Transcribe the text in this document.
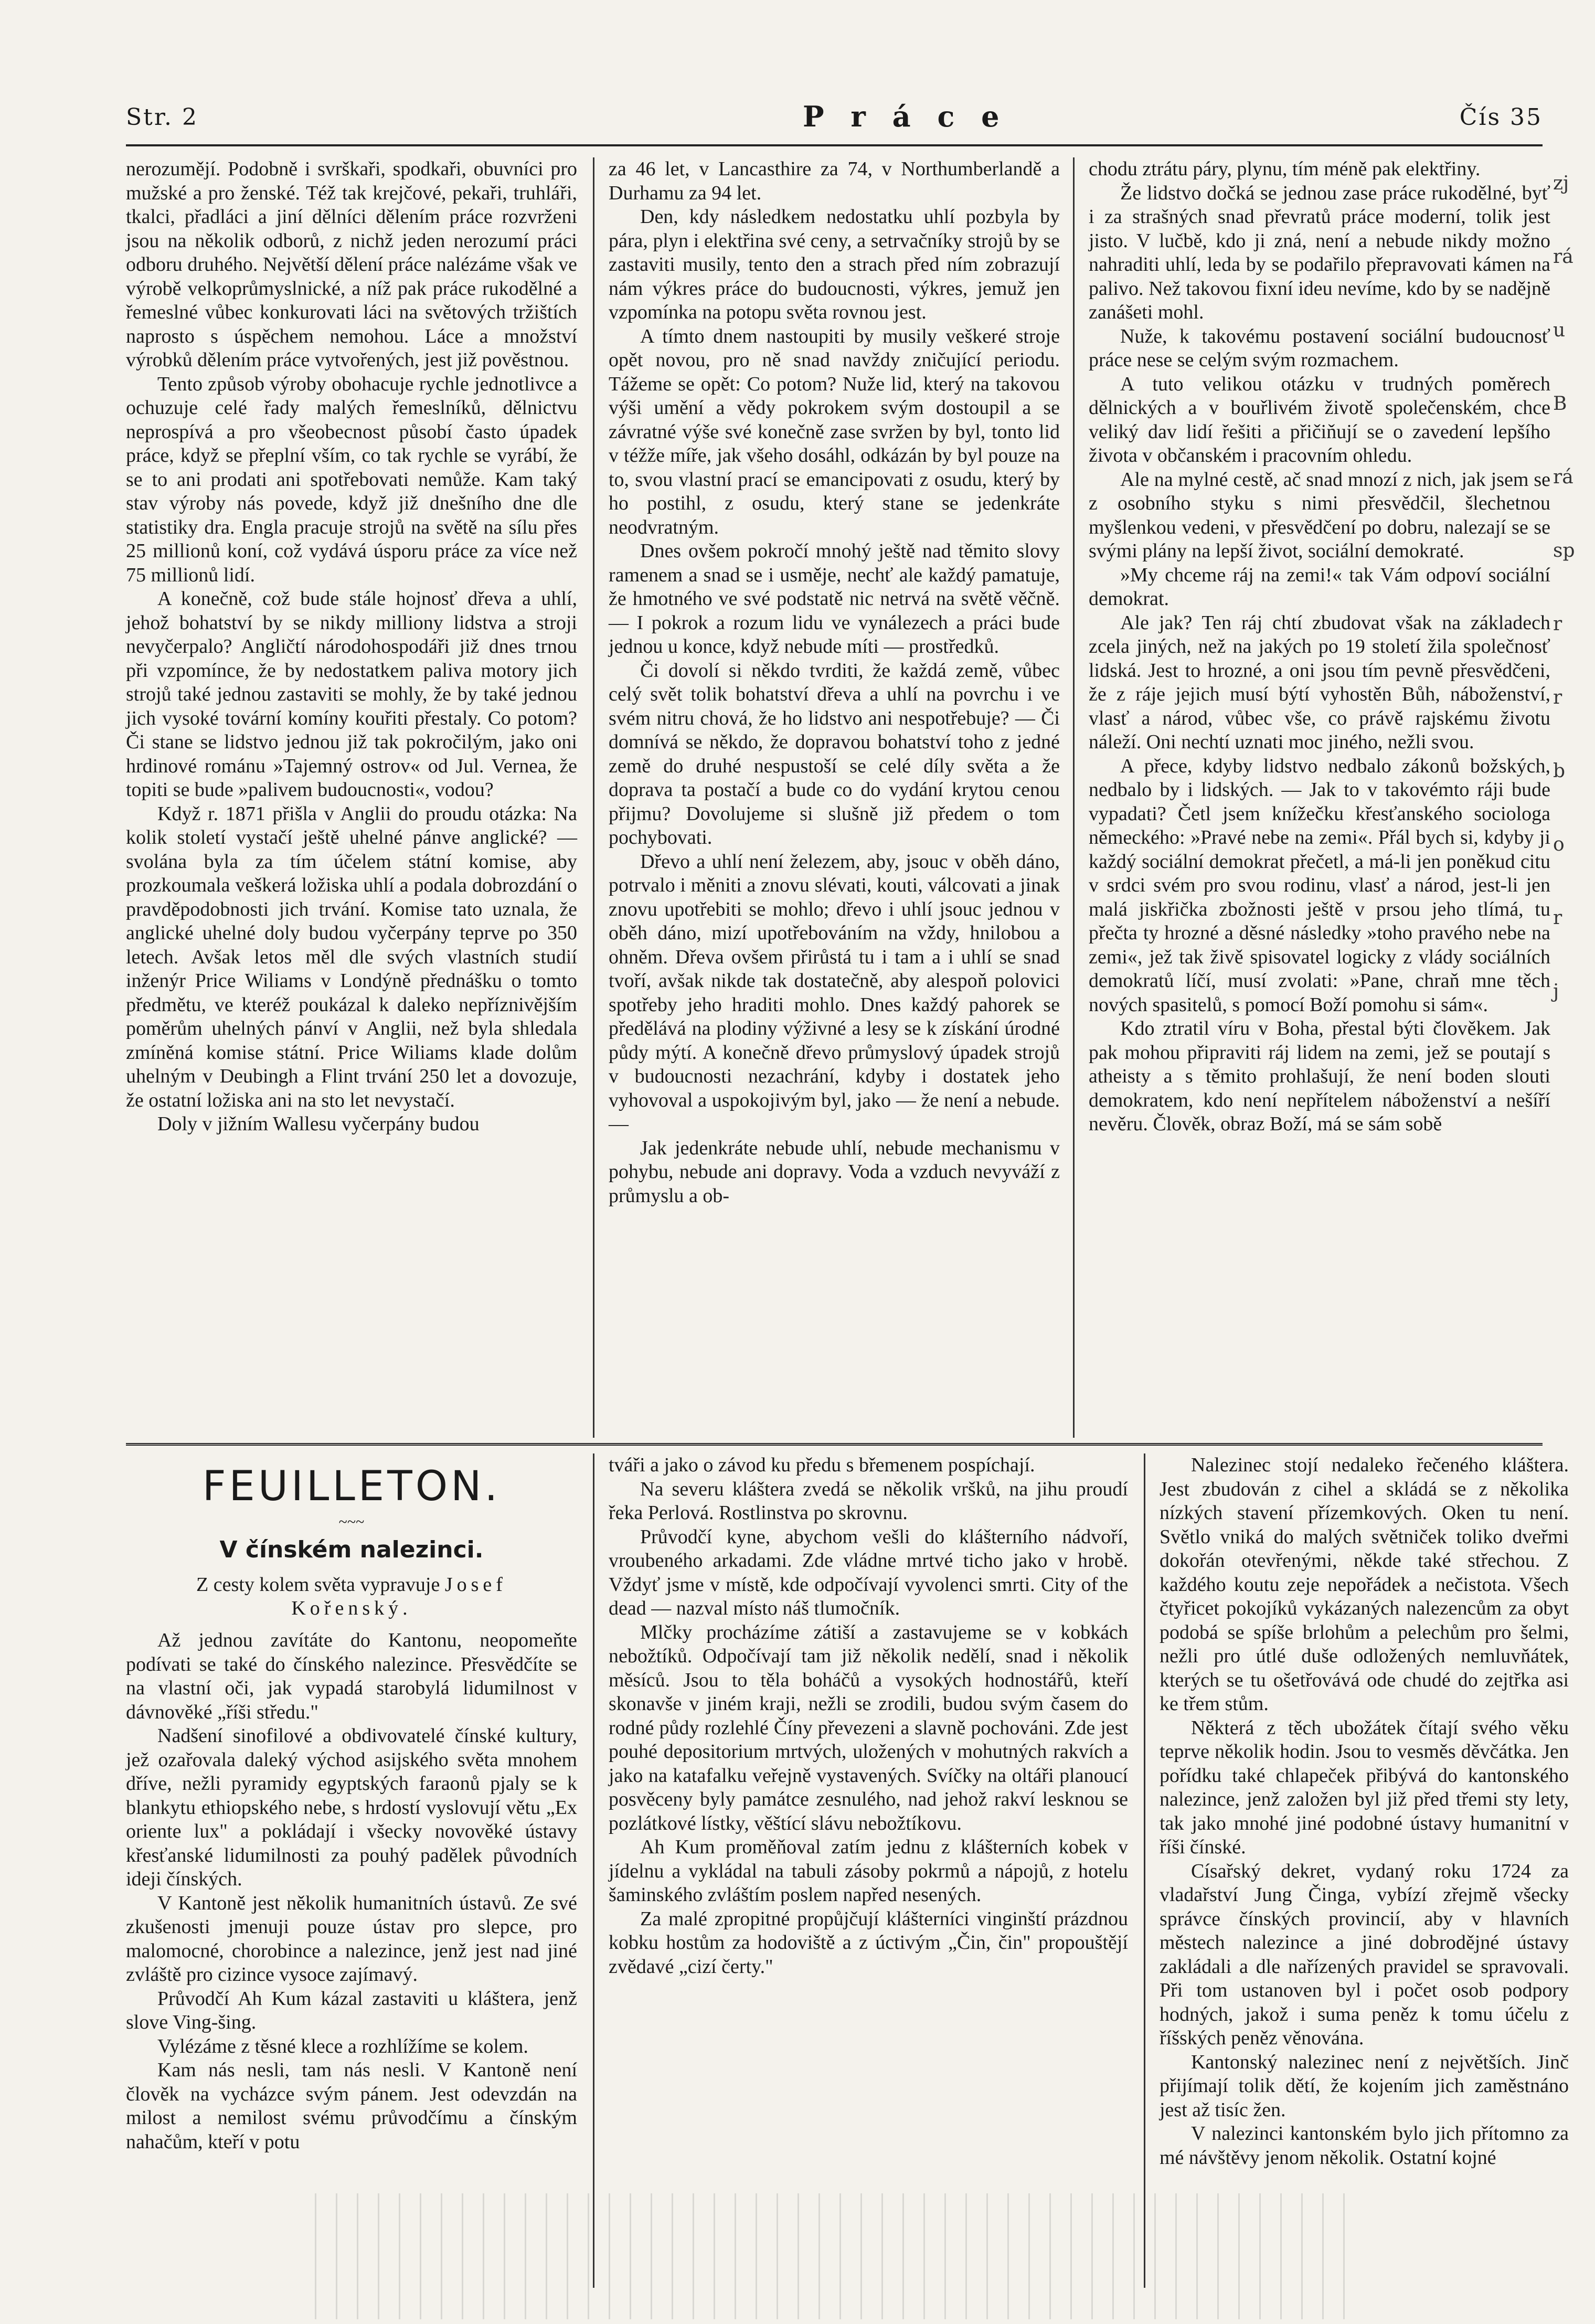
Str. 2	P r á c e	Čís 35

nerozumějí. Podobně i svrškaři, spodkaři, obuvníci pro mužské a pro ženské. Též tak krejčové, pekaři, truhláři, tkalci, přadláci a jiní dělníci dělením práce rozvrženi jsou na několik odborů, z nichž jeden nerozumí práci odboru druhého. Největší dělení práce nalézáme však ve výrobě velkoprůmyslnické, a níž pak práce rukodělné a řemeslné vůbec konkurovati láci na světových tržištích naprosto s úspěchem nemohou. Láce a množství výrobků dělením práce vytvořených, jest již pověstnou.

Tento způsob výroby obohacuje rychle jednotlivce a ochuzuje celé řady malých řemeslníků, dělnictvu neprospívá a pro všeobecnost působí často úpadek práce, když se přeplní vším, co tak rychle se vyrábí, že se to ani prodati ani spotřebovati nemůže. Kam taký stav výroby nás povede, když již dnešního dne dle statistiky dra. Engla pracuje strojů na světě na sílu přes 25 millionů koní, což vydává úsporu práce za více než 75 millionů lidí.

A konečně, což bude stále hojnosť dřeva a uhlí, jehož bohatství by se nikdy milliony lidstva a stroji nevyčerpalo? Angličtí národohospodáři již dnes trnou při vzpomínce, že by nedostatkem paliva motory jich strojů také jednou zastaviti se mohly, že by také jednou jich vysoké tovární komíny kouřiti přestaly. Co potom? Či stane se lidstvo jednou již tak pokročilým, jako oni hrdinové románu »Tajemný ostrov« od Jul. Vernea, že topiti se bude »palivem budoucnosti«, vodou?

Když r. 1871 přišla v Anglii do proudu otázka: Na kolik století vystačí ještě uhelné pánve anglické? — svolána byla za tím účelem státní komise, aby prozkoumala veškerá ložiska uhlí a podala dobrozdání o pravděpodobnosti jich trvání. Komise tato uznala, že anglické uhelné doly budou vyčerpány teprve po 350 letech. Avšak letos měl dle svých vlastních studií inženýr Price Wiliams v Londýně přednášku o tomto předmětu, ve kteréž poukázal k daleko nepříznivějším poměrům uhelných pánví v Anglii, než byla shledala zmíněná komise státní. Price Wiliams klade dolům uhelným v Deubingh a Flint trvání 250 let a dovozuje, že ostatní ložiska ani na sto let nevystačí.

Doly v jižním Wallesu vyčerpány budou

za 46 let, v Lancasthire za 74, v Northumberlandě a Durhamu za 94 let.

Den, kdy následkem nedostatku uhlí pozbyla by pára, plyn i elektřina své ceny, a setrvačníky strojů by se zastaviti musily, tento den a strach před ním zobrazují nám výkres práce do budoucnosti, výkres, jemuž jen vzpomínka na potopu světa rovnou jest.

A tímto dnem nastoupiti by musily veškeré stroje opět novou, pro ně snad navždy zničující periodu. Tážeme se opět: Co potom? Nuže lid, který na takovou výši umění a vědy pokrokem svým dostoupil a se závratné výše své konečně zase svržen by byl, tonto lid v téžže míře, jak všeho dosáhl, odkázán by byl pouze na to, svou vlastní prací se emancipovati z osudu, který by ho postihl, z osudu, který stane se jedenkráte neodvratným.

Dnes ovšem pokročí mnohý ještě nad těmito slovy ramenem a snad se i usměje, nechť ale každý pamatuje, že hmotného ve své podstatě nic netrvá na světě věčně. — I pokrok a rozum lidu ve vynálezech a práci bude jednou u konce, když nebude míti — prostředků.

Či dovolí si někdo tvrditi, že každá země, vůbec celý svět tolik bohatství dřeva a uhlí na povrchu i ve svém nitru chová, že ho lidstvo ani nespotřebuje? — Či domnívá se někdo, že dopravou bohatství toho z jedné země do druhé nespustoší se celé díly světa a že doprava ta postačí a bude co do vydání krytou cenou přijmu? Dovolujeme si slušně již předem o tom pochybovati.

Dřevo a uhlí není železem, aby, jsouc v oběh dáno, potrvalo i měniti a znovu slévati, kouti, válcovati a jinak znovu upotřebiti se mohlo; dřevo i uhlí jsouc jednou v oběh dáno, mizí upotřebováním na vždy, hnilobou a ohněm. Dřeva ovšem přirůstá tu i tam a i uhlí se snad tvoří, avšak nikde tak dostatečně, aby alespoň polovici spotřeby jeho hraditi mohlo. Dnes každý pahorek se předělává na plodiny výživné a lesy se k získání úrodné půdy mýtí. A konečně dřevo průmyslový úpadek strojů v budoucnosti nezachrání, kdyby i dostatek jeho vyhovoval a uspokojivým byl, jako — že není a nebude. —

Jak jedenkráte nebude uhlí, nebude mechanismu v pohybu, nebude ani dopravy. Voda a vzduch nevyváží z průmyslu a ob-

chodu ztrátu páry, plynu, tím méně pak elektřiny.

Že lidstvo dočká se jednou zase práce rukodělné, byť i za strašných snad převratů práce moderní, tolik jest jisto. V lučbě, kdo ji zná, není a nebude nikdy možno nahraditi uhlí, leda by se podařilo přepravovati kámen na palivo. Než takovou fixní ideu nevíme, kdo by se nadějně zanášeti mohl.

Nuže, k takovému postavení sociální budoucnosť práce nese se celým svým rozmachem.

A tuto velikou otázku v trudných poměrech dělnických a v bouřlivém životě společenském, chce veliký dav lidí řešiti a přičiňují se o zavedení lepšího života v občanském i pracovním ohledu.

Ale na mylné cestě, ač snad mnozí z nich, jak jsem se z osobního styku s nimi přesvědčil, šlechetnou myšlenkou vedeni, v přesvědčení po dobru, nalezají se se svými plány na lepší život, sociální demokraté.

»My chceme ráj na zemi!« tak Vám odpoví sociální demokrat.

Ale jak? Ten ráj chtí zbudovat však na základech zcela jiných, než na jakých po 19 století žila společnosť lidská. Jest to hrozné, a oni jsou tím pevně přesvědčeni, že z ráje jejich musí býtí vyhostěn Bůh, náboženství, vlasť a národ, vůbec vše, co právě rajskému životu náleží. Oni nechtí uznati moc jiného, nežli svou.

A přece, kdyby lidstvo nedbalo zákonů božských, nedbalo by i lidských. — Jak to v takovémto ráji bude vypadati? Četl jsem knížečku křesťanského sociologa německého: »Pravé nebe na zemi«. Přál bych si, kdyby ji každý sociální demokrat přečetl, a má-li jen poněkud citu v srdci svém pro svou rodinu, vlasť a národ, jest-li jen malá jiskřička zbožnosti ještě v prsou jeho tlímá, tu přečta ty hrozné a děsné následky »toho pravého nebe na zemi«, jež tak živě spisovatel logicky z vlády sociálních demokratů líčí, musí zvolati: »Pane, chraň mne těch nových spasitelů, s pomocí Boží pomohu si sám«.

Kdo ztratil víru v Boha, přestal býti člověkem. Jak pak mohou připraviti ráj lidem na zemi, jež se poutají s atheisty a s těmito prohlašují, že není boden slouti demokratem, kdo není nepřítelem náboženství a nešíří nevěru. Člověk, obraz Boží, má se sám sobě

FEUILLETON.
~~~
V čínském nalezinci.
Z cesty kolem světa vypravuje Josef Kořenský.

Až jednou zavítáte do Kantonu, neopomeňte podívati se také do čínského nalezince. Přesvědčíte se na vlastní oči, jak vypadá starobylá lidumilnost v dávnověké „říši středu."

Nadšení sinofilové a obdivovatelé čínské kultury, jež ozařovala daleký východ asijského světa mnohem dříve, nežli pyramidy egyptských faraonů pjaly se k blankytu ethiopského nebe, s hrdostí vyslovují větu „Ex oriente lux" a pokládají i všecky novověké ústavy křesťanské lidumilnosti za pouhý padělek původních ideji čínských.

V Kantoně jest několik humanitních ústavů. Ze své zkušenosti jmenuji pouze ústav pro slepce, pro malomocné, chorobince a nalezince, jenž jest nad jiné zvláště pro cizince vysoce zajímavý.

Průvodčí Ah Kum kázal zastaviti u kláštera, jenž slove Ving-šing.

Vylézáme z těsné klece a rozhlížíme se kolem.

Kam nás nesli, tam nás nesli. V Kantoně není člověk na vycházce svým pánem. Jest odevzdán na milost a nemilost svému průvodčímu a čínským nahačům, kteří v potu

tváři a jako o závod ku předu s břemenem pospíchají.

Na severu kláštera zvedá se několik vršků, na jihu proudí řeka Perlová. Rostlinstva po skrovnu.

Průvodčí kyne, abychom vešli do klášterního nádvoří, vroubeného arkadami. Zde vládne mrtvé ticho jako v hrobě. Vždyť jsme v místě, kde odpočívají vyvolenci smrti. City of the dead — nazval místo náš tlumočník.

Mlčky procházíme zátiší a zastavujeme se v kobkách nebožtíků. Odpočívají tam již několik nedělí, snad i několik měsíců. Jsou to těla boháčů a vysokých hodnostářů, kteří skonavše v jiném kraji, nežli se zrodili, budou svým časem do rodné půdy rozlehlé Číny převezeni a slavně pochováni. Zde jest pouhé depositorium mrtvých, uložených v mohutných rakvích a jako na katafalku veřejně vystavených. Svíčky na oltáři planoucí posvěceny byly památce zesnulého, nad jehož rakví lesknou se pozlátkové lístky, věštící slávu nebožtíkovu.

Ah Kum proměňoval zatím jednu z klášterních kobek v jídelnu a vykládal na tabuli zásoby pokrmů a nápojů, z hotelu šaminského zvláštím poslem napřed nesených.

Za malé zpropitné propůjčují klášterníci vinginští prázdnou kobku hostům za hodoviště a z úctivým „Čin, čin" propouštějí zvědavé „cizí čerty."

Nalezinec stojí nedaleko řečeného kláštera. Jest zbudován z cihel a skládá se z několika nízkých stavení přízemkových. Oken tu není. Světlo vniká do malých světniček toliko dveřmi dokořán otevřenými, někde také střechou. Z každého koutu zeje nepořádek a nečistota. Všech čtyřicet pokojíků vykázaných nalezencům za obyt podobá se spíše brlohům a pelechům pro šelmi, nežli pro útlé duše odložených nemluvňátek, kterých se tu ošetřovává ode chudé do zejtřka asi ke třem stům.

Některá z těch ubožátek čítají svého věku teprve několik hodin. Jsou to vesměs děvčátka. Jen pořídku také chlapeček přibývá do kantonského nalezince, jenž založen byl již před třemi sty lety, tak jako mnohé jiné podobné ústavy humanitní v říši čínské.

Císařský dekret, vydaný roku 1724 za vladařství Jung Činga, vybízí zřejmě všecky správce čínských provincií, aby v hlavních městech nalezince a jiné dobrodějné ústavy zakládali a dle nařízených pravidel se spravovali. Při tom ustanoven byl i počet osob podpory hodných, jakož i suma peněz k tomu účelu z říšských peněz věnována.

Kantonský nalezinec není z největších. Jinč přijímají tolik dětí, že kojením jich zaměstnáno jest až tisíc žen.

V nalezinci kantonském bylo jich přítomno za mé návštěvy jenom několik. Ostatní kojné

zj
rá
u
B
rá
sp
r
r
b
o
r
j
